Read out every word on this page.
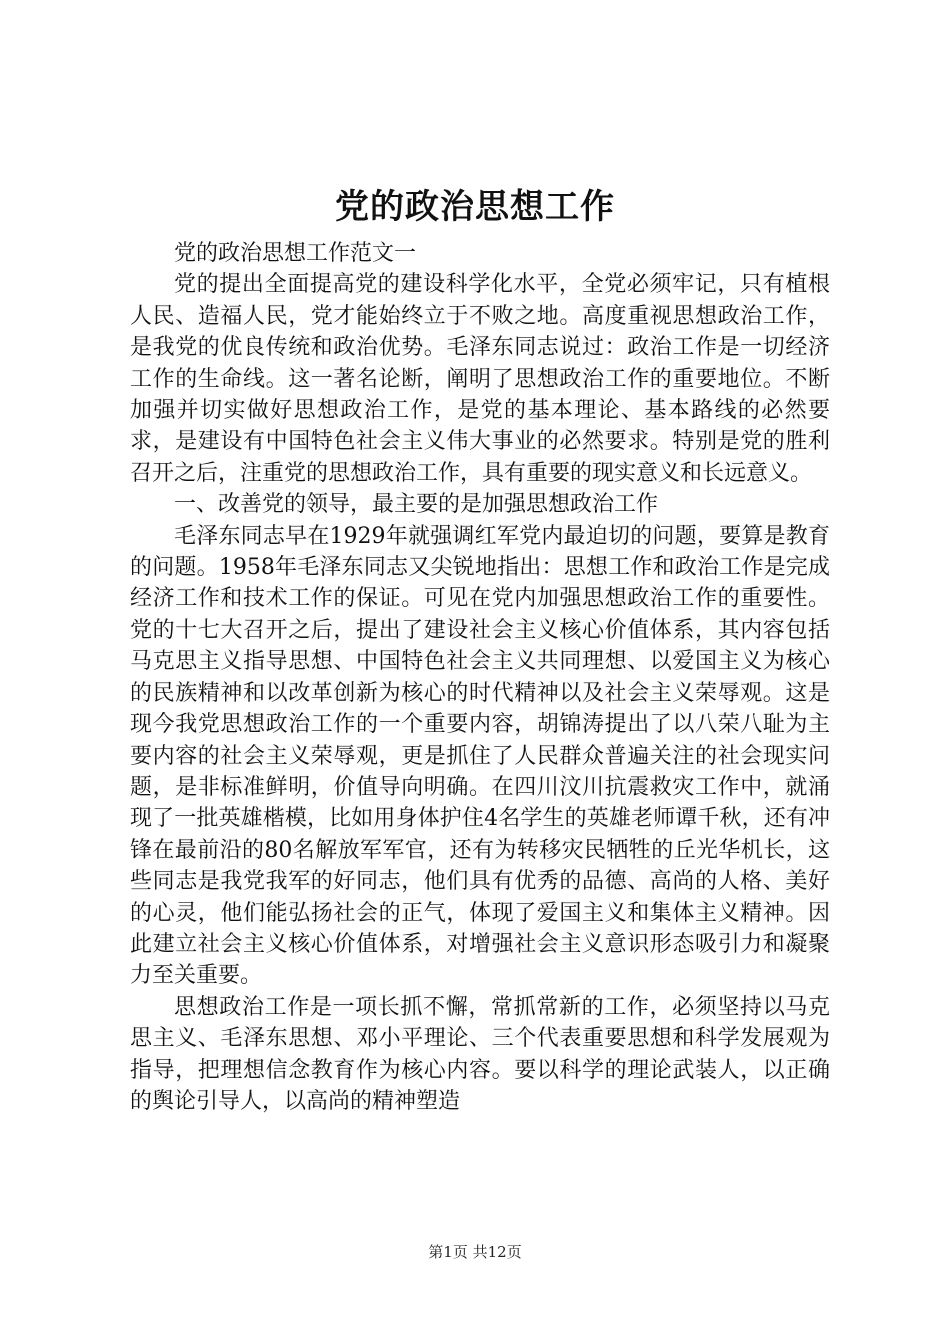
党的政治思想工作

党的政治思想工作范文一

党的提出全面提高党的建设科学化水平，全党必须牢记，只有植根人民、造福人民，党才能始终立于不败之地。高度重视思想政治工作，是我党的优良传统和政治优势。毛泽东同志说过：政治工作是一切经济工作的生命线。这一著名论断，阐明了思想政治工作的重要地位。不断加强并切实做好思想政治工作，是党的基本理论、基本路线的必然要求，是建设有中国特色社会主义伟大事业的必然要求。特别是党的胜利召开之后，注重党的思想政治工作，具有重要的现实意义和长远意义。

一、改善党的领导，最主要的是加强思想政治工作

毛泽东同志早在1929年就强调红军党内最迫切的问题，要算是教育的问题。1958年毛泽东同志又尖锐地指出：思想工作和政治工作是完成经济工作和技术工作的保证。可见在党内加强思想政治工作的重要性。党的十七大召开之后，提出了建设社会主义核心价值体系，其内容包括马克思主义指导思想、中国特色社会主义共同理想、以爱国主义为核心的民族精神和以改革创新为核心的时代精神以及社会主义荣辱观。这是现今我党思想政治工作的一个重要内容，胡锦涛提出了以八荣八耻为主要内容的社会主义荣辱观，更是抓住了人民群众普遍关注的社会现实问题，是非标准鲜明，价值导向明确。在四川汶川抗震救灾工作中，就涌现了一批英雄楷模，比如用身体护住4名学生的英雄老师谭千秋，还有冲锋在最前沿的80名解放军军官，还有为转移灾民牺牲的丘光华机长，这些同志是我党我军的好同志，他们具有优秀的品德、高尚的人格、美好的心灵，他们能弘扬社会的正气，体现了爱国主义和集体主义精神。因此建立社会主义核心价值体系，对增强社会主义意识形态吸引力和凝聚力至关重要。

思想政治工作是一项长抓不懈，常抓常新的工作，必须坚持以马克思主义、毛泽东思想、邓小平理论、三个代表重要思想和科学发展观为指导，把理想信念教育作为核心内容。要以科学的理论武装人，以正确的舆论引导人，以高尚的精神塑造

第1页 共12页
